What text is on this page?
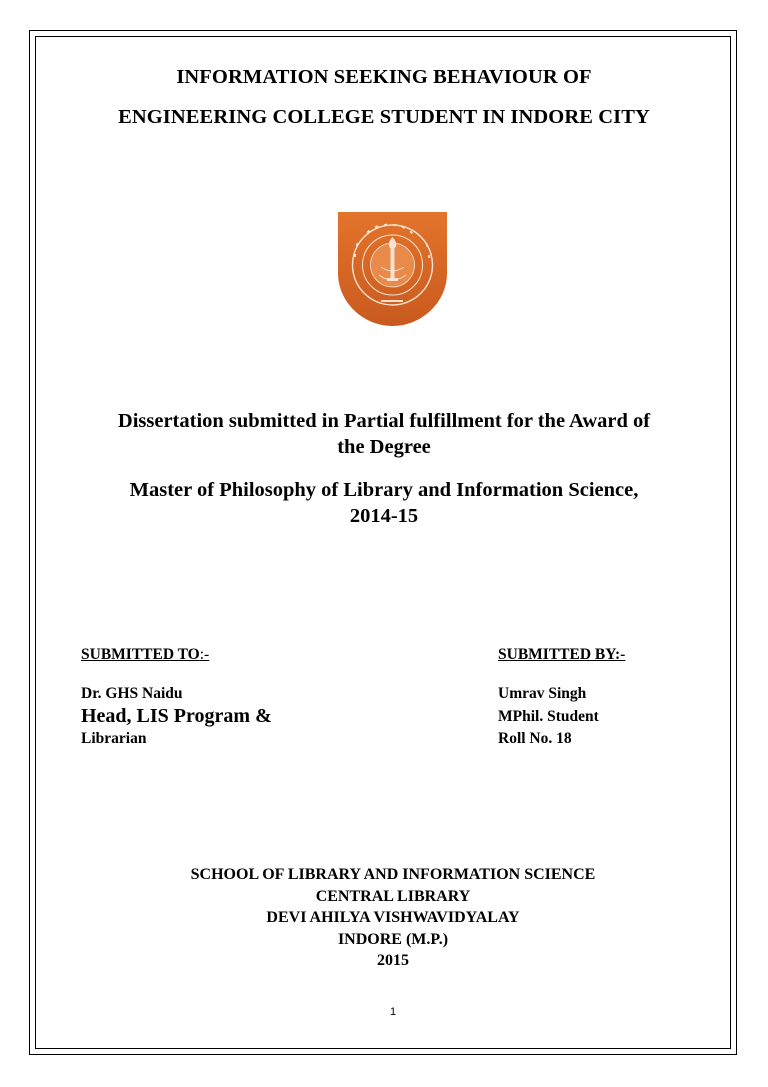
INFORMATION SEEKING BEHAVIOUR OF
ENGINEERING COLLEGE STUDENT IN INDORE CITY
Dissertation submitted in Partial fulfillment for the Award of
the Degree
Master of Philosophy of Library and Information Science,
2014-15
SUBMITTED TO:-	SUBMITTED BY:-
Dr. GHS Naidu
Head, LIS Program &
Librarian
Umrav Singh
MPhil. Student
Roll No. 18
SCHOOL OF LIBRARY AND INFORMATION SCIENCE
CENTRAL LIBRARY
DEVI AHILYA VISHWAVIDYALAY
INDORE (M.P.)
2015
1
